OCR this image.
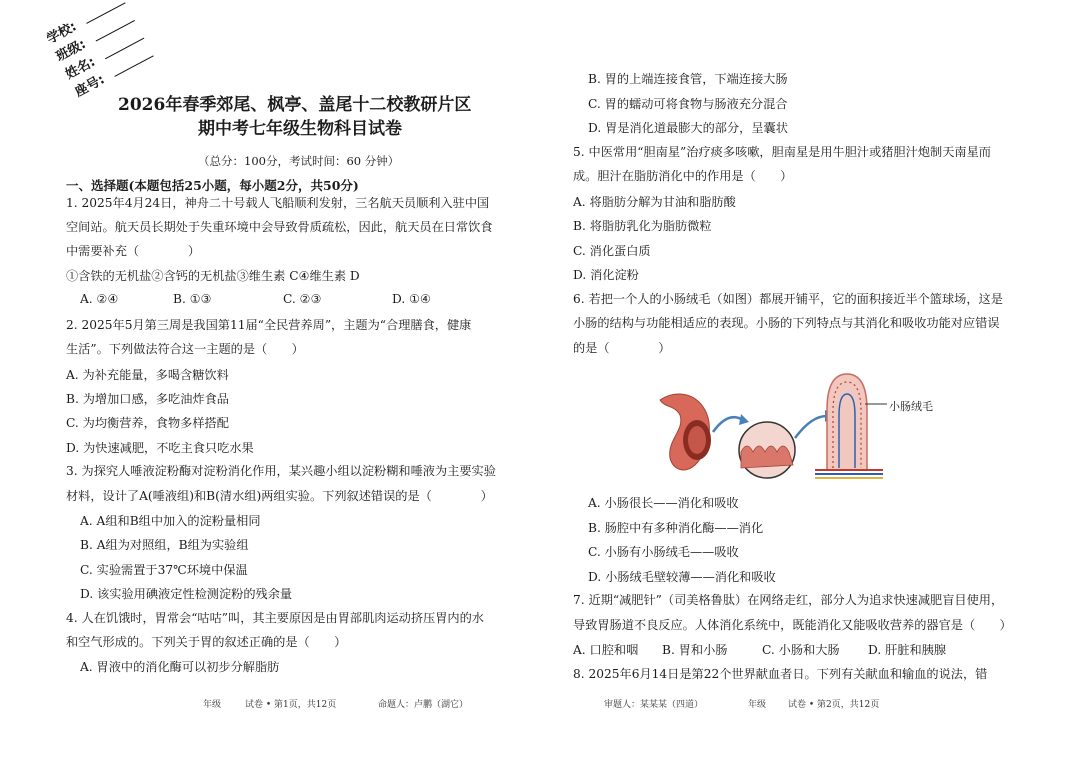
学校:
班级:
姓名:
座号:
2026年春季郊尾、枫亭、盖尾十二校教研片区
期中考七年级生物科目试卷
（总分：100分，考试时间：60 分钟）
一、选择题(本题包括25小题，每小题2分，共50分)
1. 2025年4月24日，神舟二十号载人飞船顺利发射，三名航天员顺利入驻中国
空间站。航天员长期处于失重环境中会导致骨质疏松，因此，航天员在日常饮食
中需要补充（　　　　）
①含铁的无机盐②含钙的无机盐③维生素 C④维生素 D
A. ②④	B. ①③	C. ②③	D. ①④
2. 2025年5月第三周是我国第11届“全民营养周”，主题为“合理膳食，健康
生活”。下列做法符合这一主题的是（　　）
A. 为补充能量，多喝含糖饮料
B. 为增加口感，多吃油炸食品
C. 为均衡营养，食物多样搭配
D. 为快速减肥，不吃主食只吃水果
3. 为探究人唾液淀粉酶对淀粉消化作用，某兴趣小组以淀粉糊和唾液为主要实验
材料，设计了A(唾液组)和B(清水组)两组实验。下列叙述错误的是（　　　　）
A. A组和B组中加入的淀粉量相同
B. A组为对照组，B组为实验组
C. 实验需置于37℃环境中保温
D. 该实验用碘液定性检测淀粉的残余量
4. 人在饥饿时，胃常会“咕咕”叫，其主要原因是由胃部肌肉运动挤压胃内的水
和空气形成的。下列关于胃的叙述正确的是（　　）
A. 胃液中的消化酶可以初步分解脂肪
年级	试卷 • 第1页，共12页	命题人：卢鹏（湖它）
B. 胃的上端连接食管，下端连接大肠
C. 胃的蠕动可将食物与肠液充分混合
D. 胃是消化道最膨大的部分，呈囊状
5. 中医常用“胆南星”治疗痰多咳嗽，胆南星是用牛胆汁或猪胆汁炮制天南星而
成。胆汁在脂肪消化中的作用是（　　）
A. 将脂肪分解为甘油和脂肪酸
B. 将脂肪乳化为脂肪微粒
C. 消化蛋白质
D. 消化淀粉
6. 若把一个人的小肠绒毛（如图）都展开铺平，它的面积接近半个篮球场，这是
小肠的结构与功能相适应的表现。小肠的下列特点与其消化和吸收功能对应错误
的是（　　　　）
小肠绒毛
A. 小肠很长——消化和吸收
B. 肠腔中有多种消化酶——消化
C. 小肠有小肠绒毛——吸收
D. 小肠绒毛壁较薄——消化和吸收
7. 近期“减肥针”（司美格鲁肽）在网络走红，部分人为追求快速减肥盲目使用，
导致胃肠道不良反应。人体消化系统中，既能消化又能吸收营养的器官是（　　）
A. 口腔和咽 B. 胃和小肠	C. 小肠和大肠 D. 肝脏和胰腺
8. 2025年6月14日是第22个世界献血者日。下列有关献血和输血的说法，错
审题人：某某某（四道）	年级 试卷 • 第2页，共12页
